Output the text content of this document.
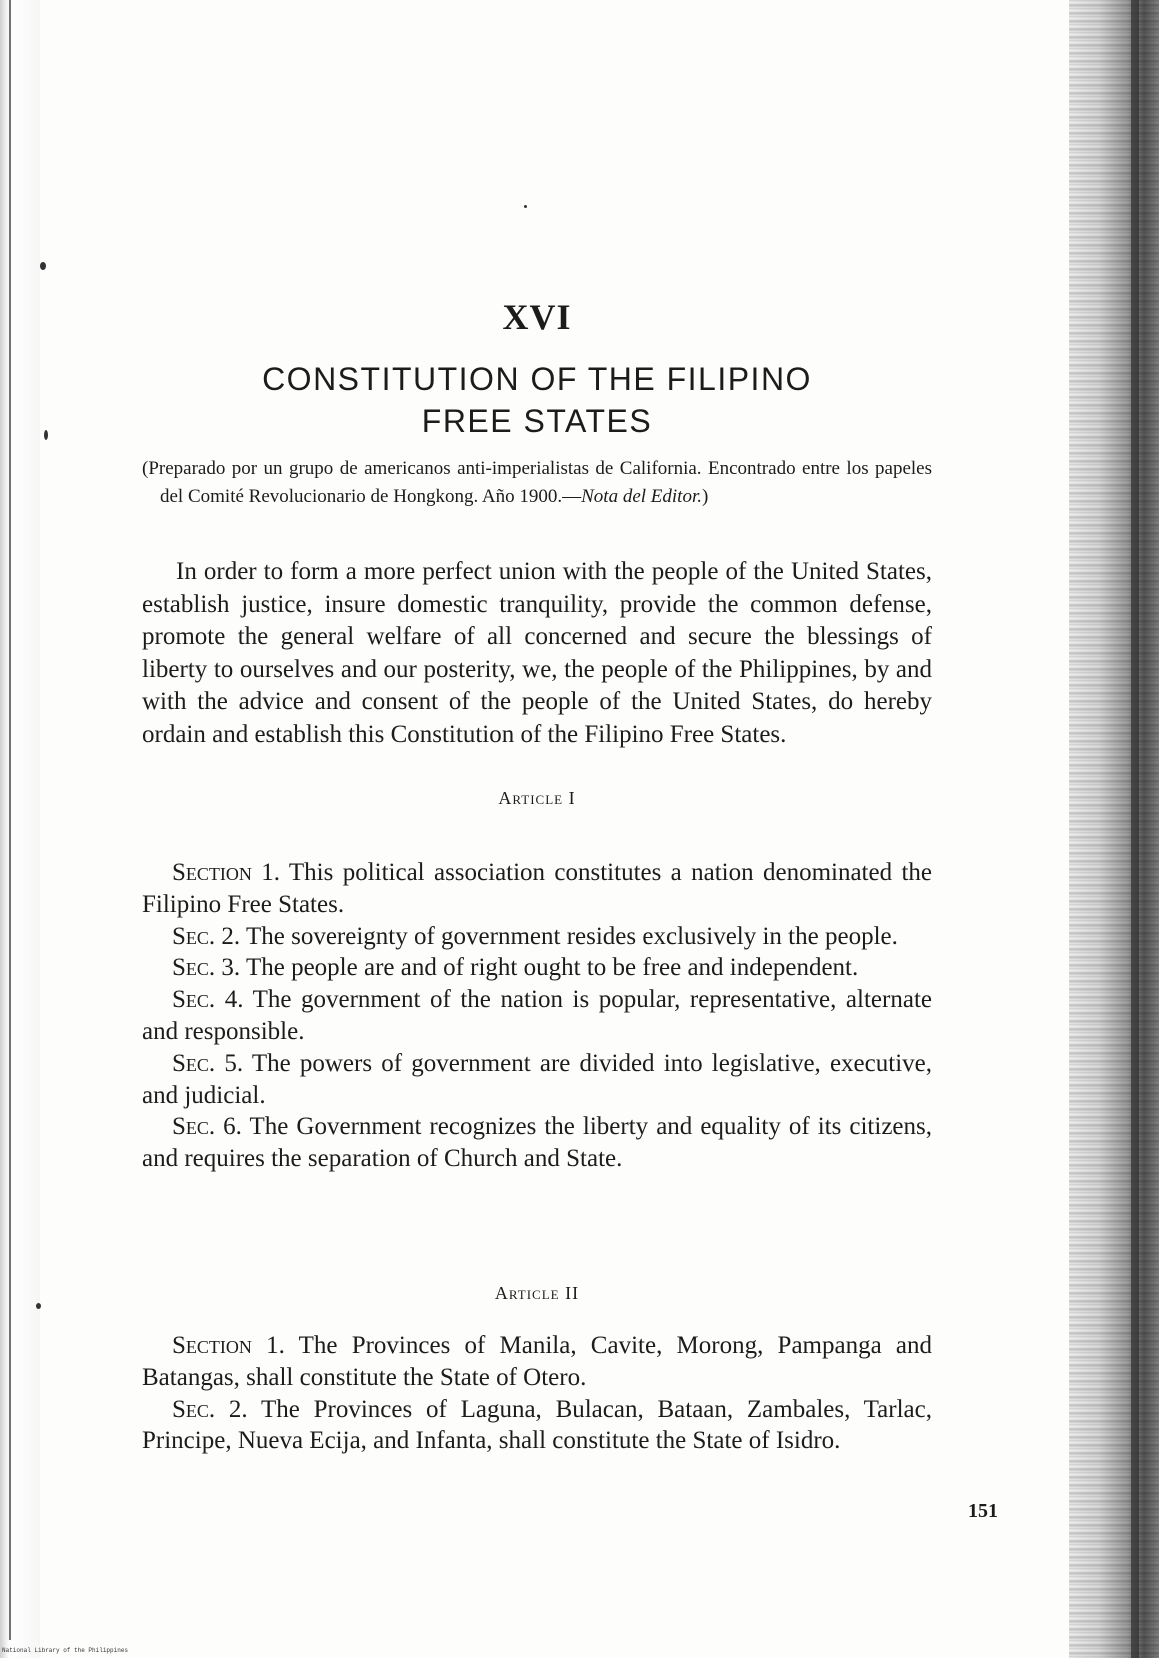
XVI
CONSTITUTION OF THE FILIPINO
FREE STATES
(Preparado por un grupo de americanos anti-imperialistas de California. Encontrado entre los papeles del Comité Revolucionario de Hongkong. Año 1900.—Nota del Editor.)
In order to form a more perfect union with the people of the United States, establish justice, insure domestic tranquility, provide the common defense, promote the general welfare of all concerned and secure the blessings of liberty to ourselves and our posterity, we, the people of the Philippines, by and with the advice and consent of the people of the United States, do hereby ordain and establish this Constitution of the Filipino Free States.
Article I

Section 1. This political association constitutes a nation denominated the Filipino Free States.

Sec. 2. The sovereignty of government resides exclusively in the people.

Sec. 3. The people are and of right ought to be free and independent.

Sec. 4. The government of the nation is popular, representative, alternate and responsible.

Sec. 5. The powers of government are divided into legislative, executive, and judicial.

Sec. 6. The Government recognizes the liberty and equality of its citizens, and requires the separation of Church and State.

Article II

Section 1. The Provinces of Manila, Cavite, Morong, Pampanga and Batangas, shall constitute the State of Otero.

Sec. 2. The Provinces of Laguna, Bulacan, Bataan, Zambales, Tarlac, Principe, Nueva Ecija, and Infanta, shall constitute the State of Isidro.

151
National Library of the Philippines
